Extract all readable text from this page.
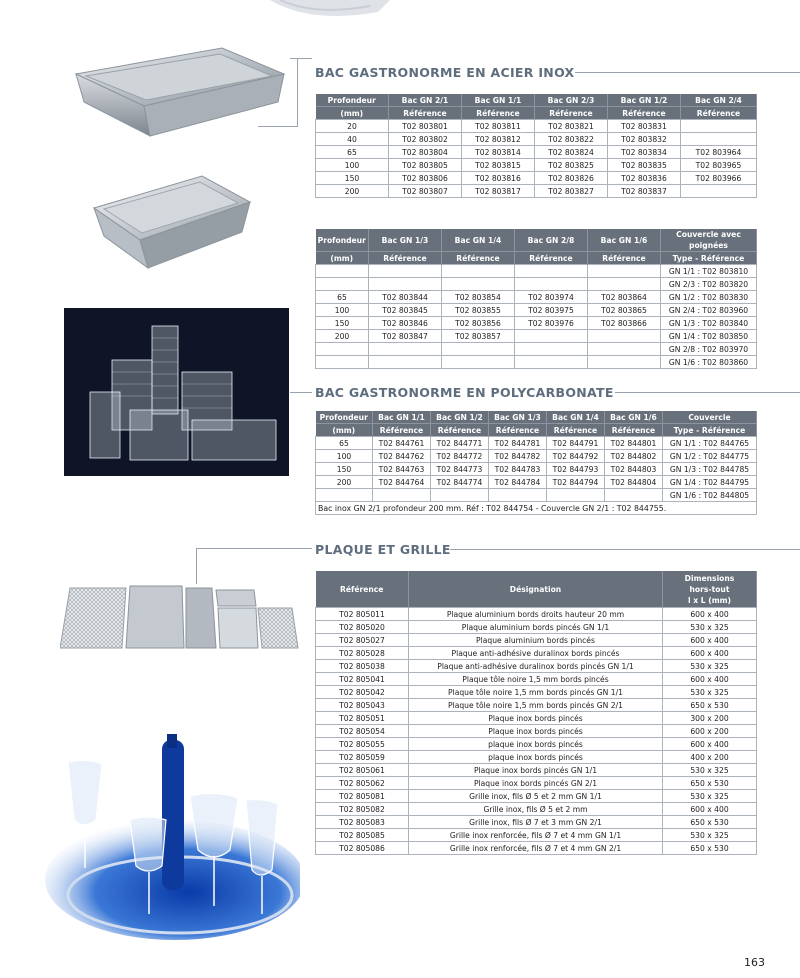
BAC GASTRONORME EN ACIER INOX
Profondeur	Bac GN 2/1	Bac GN 1/1	Bac GN 2/3	Bac GN 1/2	Bac GN 2/4
(mm)	Référence	Référence	Référence	Référence	Référence
20	T02 803801	T02 803811	T02 803821	T02 803831	
40	T02 803802	T02 803812	T02 803822	T02 803832	
65	T02 803804	T02 803814	T02 803824	T02 803834	T02 803964
100	T02 803805	T02 803815	T02 803825	T02 803835	T02 803965
150	T02 803806	T02 803816	T02 803826	T02 803836	T02 803966
200	T02 803807	T02 803817	T02 803827	T02 803837	
Profondeur	Bac GN 1/3	Bac GN 1/4	Bac GN 2/8	Bac GN 1/6	Couvercle avec poignées
(mm)	Référence	Référence	Référence	Référence	Type - Référence
					GN 1/1 : T02 803810
					GN 2/3 : T02 803820
65	T02 803844	T02 803854	T02 803974	T02 803864	GN 1/2 : T02 803830
100	T02 803845	T02 803855	T02 803975	T02 803865	GN 2/4 : T02 803960
150	T02 803846	T02 803856	T02 803976	T02 803866	GN 1/3 : T02 803840
200	T02 803847	T02 803857			GN 1/4 : T02 803850
					GN 2/8 : T02 803970
					GN 1/6 : T02 803860
BAC GASTRONORME EN POLYCARBONATE
Profondeur	Bac GN 1/1	Bac GN 1/2	Bac GN 1/3	Bac GN 1/4	Bac GN 1/6	Couvercle
(mm)	Référence	Référence	Référence	Référence	Référence	Type - Référence
65	T02 844761	T02 844771	T02 844781	T02 844791	T02 844801	GN 1/1 : T02 844765
100	T02 844762	T02 844772	T02 844782	T02 844792	T02 844802	GN 1/2 : T02 844775
150	T02 844763	T02 844773	T02 844783	T02 844793	T02 844803	GN 1/3 : T02 844785
200	T02 844764	T02 844774	T02 844784	T02 844794	T02 844804	GN 1/4 : T02 844795
						GN 1/6 : T02 844805
Bac inox GN 2/1 profondeur 200 mm. Réf : T02 844754 - Couvercle GN 2/1 : T02 844755.						
PLAQUE ET GRILLE
Référence	Désignation	Dimensions
hors-tout
l x L (mm)

T02 805011	Plaque aluminium bords droits hauteur 20 mm	600 x 400
T02 805020	Plaque aluminium bords pincés GN 1/1	530 x 325
T02 805027	Plaque aluminium bords pincés	600 x 400
T02 805028	Plaque anti-adhésive duralinox bords pincés	600 x 400
T02 805038	Plaque anti-adhésive duralinox bords pincés GN 1/1	530 x 325
T02 805041	Plaque tôle noire 1,5 mm bords pincés	600 x 400
T02 805042	Plaque tôle noire 1,5 mm bords pincés GN 1/1	530 x 325
T02 805043	Plaque tôle noire 1,5 mm bords pincés GN 2/1	650 x 530
T02 805051	Plaque inox bords pincés	300 x 200
T02 805054	Plaque inox bords pincés	600 x 200
T02 805055	plaque inox bords pincés	600 x 400
T02 805059	plaque inox bords pincés	400 x 200
T02 805061	Plaque inox bords pincés GN 1/1	530 x 325
T02 805062	Plaque inox bords pincés GN 2/1	650 x 530
T02 805081	Grille inox, fils Ø 5 et 2 mm GN 1/1	530 x 325
T02 805082	Grille inox, fils Ø 5 et 2 mm	600 x 400
T02 805083	Grille inox, fils Ø 7 et 3 mm GN 2/1	650 x 530
T02 805085	Grille inox renforcée, fils Ø 7 et 4 mm GN 1/1	530 x 325
T02 805086	Grille inox renforcée, fils Ø 7 et 4 mm GN 2/1	650 x 530
163
